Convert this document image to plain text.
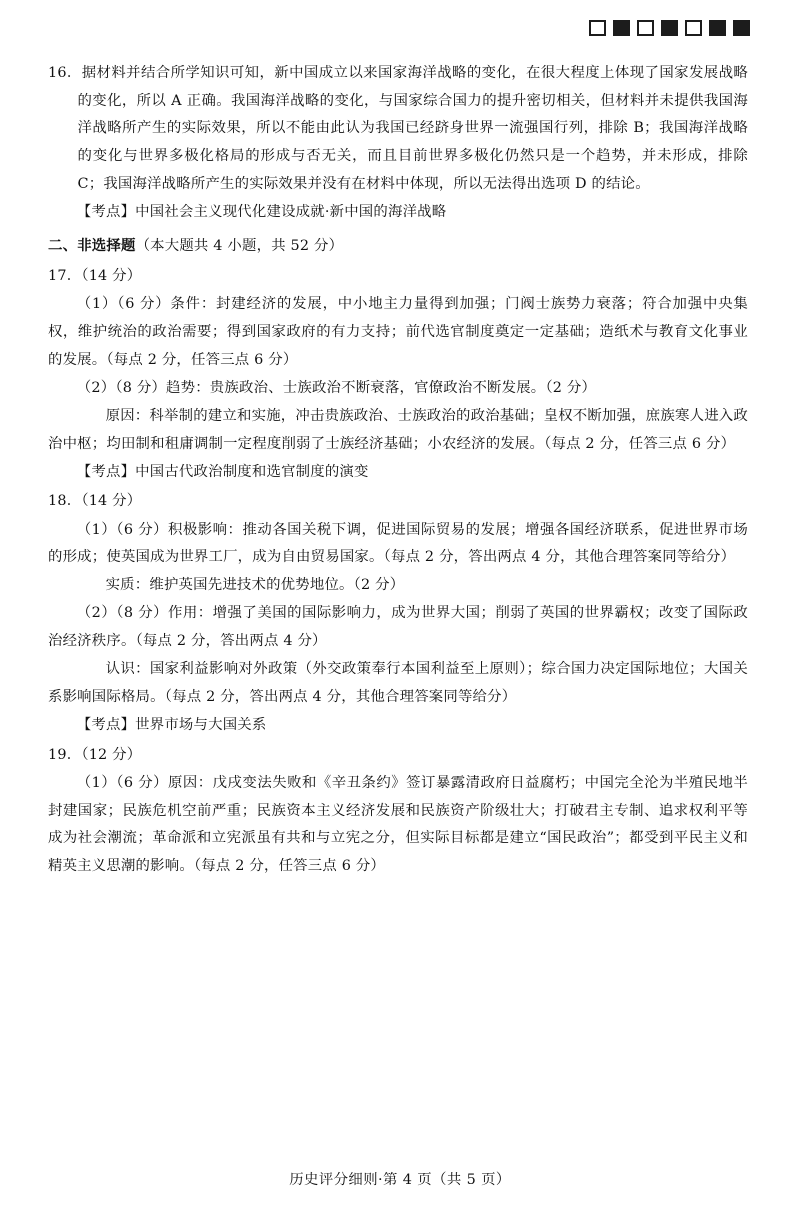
16．据材料并结合所学知识可知，新中国成立以来国家海洋战略的变化，在很大程度上体现了国家发展战略的变化，所以 A 正确。我国海洋战略的变化，与国家综合国力的提升密切相关，但材料并未提供我国海洋战略所产生的实际效果，所以不能由此认为我国已经跻身世界一流强国行列，排除 B；我国海洋战略的变化与世界多极化格局的形成与否无关，而且目前世界多极化仍然只是一个趋势，并未形成，排除 C；我国海洋战略所产生的实际效果并没有在材料中体现，所以无法得出选项 D 的结论。

【考点】中国社会主义现代化建设成就·新中国的海洋战略

二、非选择题（本大题共 4 小题，共 52 分）

17．（14 分）

（1）（6 分）条件：封建经济的发展，中小地主力量得到加强；门阀士族势力衰落；符合加强中央集权，维护统治的政治需要；得到国家政府的有力支持；前代选官制度奠定一定基础；造纸术与教育文化事业的发展。（每点 2 分，任答三点 6 分）

（2）（8 分）趋势：贵族政治、士族政治不断衰落，官僚政治不断发展。（2 分）

原因：科举制的建立和实施，冲击贵族政治、士族政治的政治基础；皇权不断加强，庶族寒人进入政治中枢；均田制和租庸调制一定程度削弱了士族经济基础；小农经济的发展。（每点 2 分，任答三点 6 分）

【考点】中国古代政治制度和选官制度的演变

18．（14 分）

（1）（6 分）积极影响：推动各国关税下调，促进国际贸易的发展；增强各国经济联系，促进世界市场的形成；使英国成为世界工厂，成为自由贸易国家。（每点 2 分，答出两点 4 分，其他合理答案同等给分）

实质：维护英国先进技术的优势地位。（2 分）

（2）（8 分）作用：增强了美国的国际影响力，成为世界大国；削弱了英国的世界霸权；改变了国际政治经济秩序。（每点 2 分，答出两点 4 分）

认识：国家利益影响对外政策（外交政策奉行本国利益至上原则）；综合国力决定国际地位；大国关系影响国际格局。（每点 2 分，答出两点 4 分，其他合理答案同等给分）

【考点】世界市场与大国关系

19．（12 分）

（1）（6 分）原因：戊戌变法失败和《辛丑条约》签订暴露清政府日益腐朽；中国完全沦为半殖民地半封建国家；民族危机空前严重；民族资本主义经济发展和民族资产阶级壮大；打破君主专制、追求权利平等成为社会潮流；革命派和立宪派虽有共和与立宪之分，但实际目标都是建立“国民政治”；都受到平民主义和精英主义思潮的影响。（每点 2 分，任答三点 6 分）

历史评分细则·第 4 页（共 5 页）
